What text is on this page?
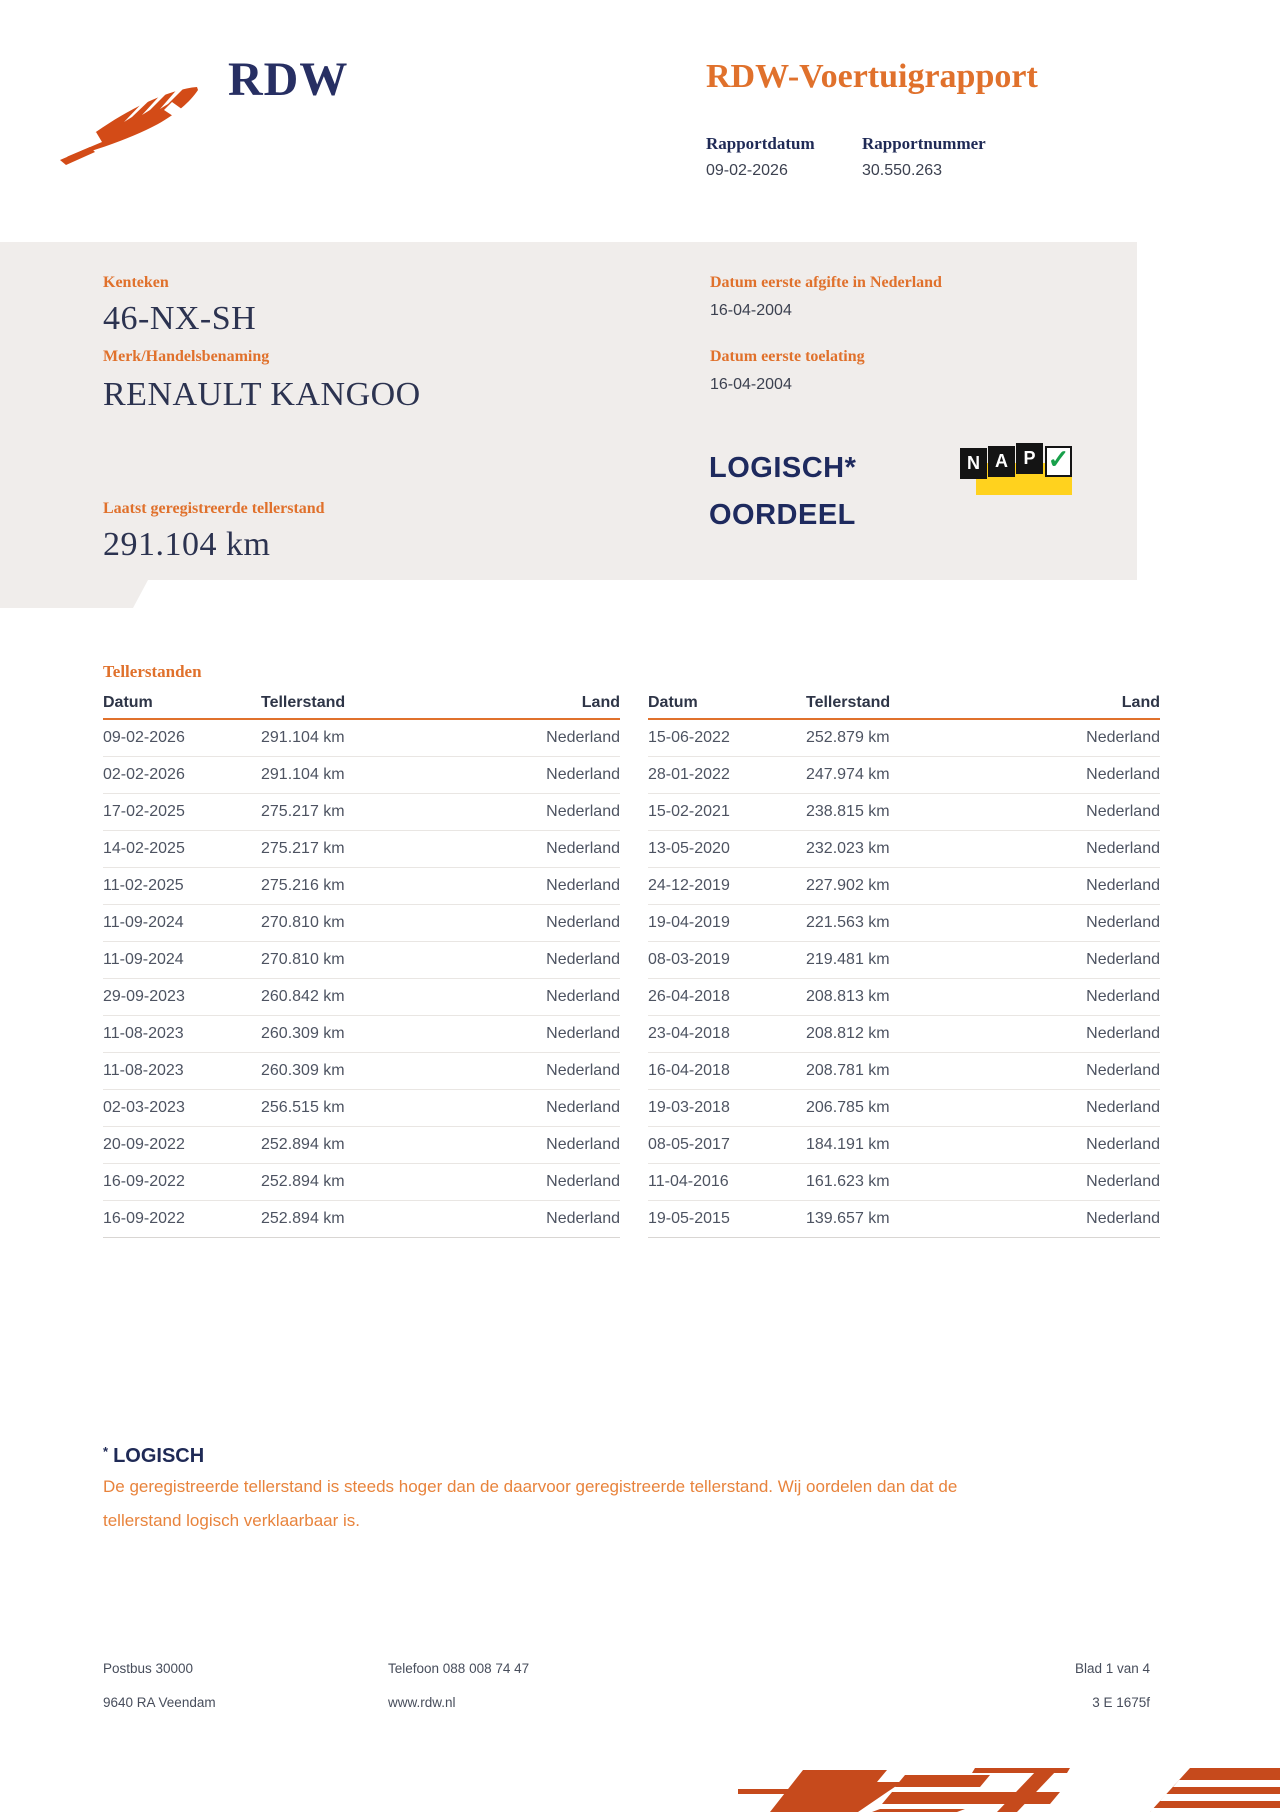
RDW	RDW-Voertuigrapport
Rapportdatum	Rapportnummer
09-02-2026	30.550.263
Kenteken
46-NX-SH
Merk/Handelsbenaming
RENAULT KANGOO
Laatst geregistreerde tellerstand
291.104 km
Datum eerste afgifte in Nederland
16-04-2004
Datum eerste toelating
16-04-2004
LOGISCH*
OORDEEL
N A P ✓
Tellerstanden
Datum	Tellerstand	Land
09-02-2026	291.104 km	Nederland
02-02-2026	291.104 km	Nederland
17-02-2025	275.217 km	Nederland
14-02-2025	275.217 km	Nederland
11-02-2025	275.216 km	Nederland
11-09-2024	270.810 km	Nederland
11-09-2024	270.810 km	Nederland
29-09-2023	260.842 km	Nederland
11-08-2023	260.309 km	Nederland
11-08-2023	260.309 km	Nederland
02-03-2023	256.515 km	Nederland
20-09-2022	252.894 km	Nederland
16-09-2022	252.894 km	Nederland
16-09-2022	252.894 km	Nederland
Datum	Tellerstand	Land
15-06-2022	252.879 km	Nederland
28-01-2022	247.974 km	Nederland
15-02-2021	238.815 km	Nederland
13-05-2020	232.023 km	Nederland
24-12-2019	227.902 km	Nederland
19-04-2019	221.563 km	Nederland
08-03-2019	219.481 km	Nederland
26-04-2018	208.813 km	Nederland
23-04-2018	208.812 km	Nederland
16-04-2018	208.781 km	Nederland
19-03-2018	206.785 km	Nederland
08-05-2017	184.191 km	Nederland
11-04-2016	161.623 km	Nederland
19-05-2015	139.657 km	Nederland
* LOGISCH
De geregistreerde tellerstand is steeds hoger dan de daarvoor geregistreerde tellerstand. Wij oordelen dan dat de
tellerstand logisch verklaarbaar is.
Postbus 30000
9640 RA Veendam
Telefoon 088 008 74 47
www.rdw.nl
Blad 1 van 4
3 E 1675f
